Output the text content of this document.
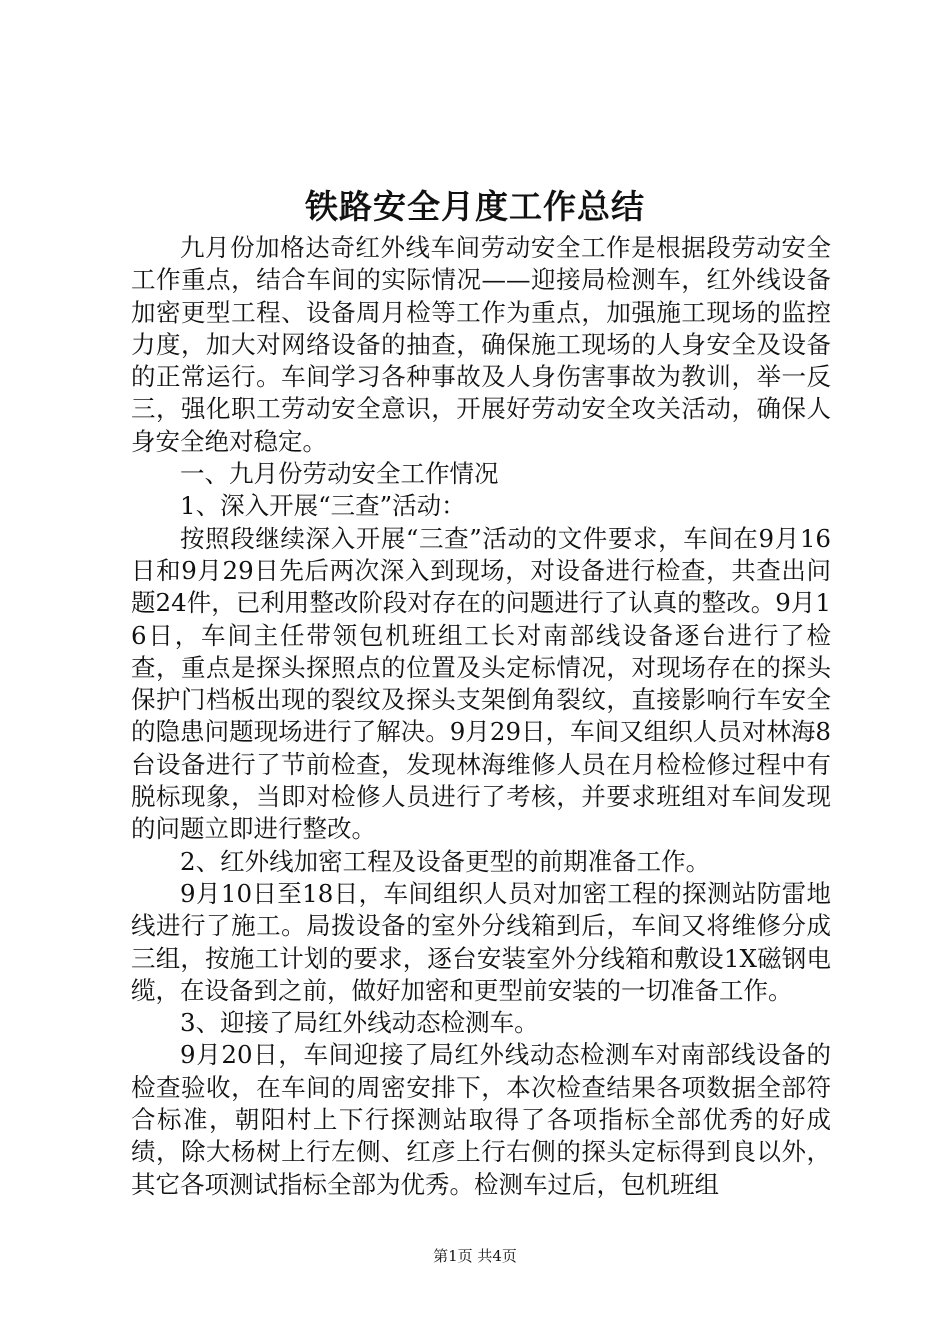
铁路安全月度工作总结

九月份加格达奇红外线车间劳动安全工作是根据段劳动安全工作重点，结合车间的实际情况——迎接局检测车，红外线设备加密更型工程、设备周月检等工作为重点，加强施工现场的监控力度，加大对网络设备的抽查，确保施工现场的人身安全及设备的正常运行。车间学习各种事故及人身伤害事故为教训，举一反三，强化职工劳动安全意识，开展好劳动安全攻关活动，确保人身安全绝对稳定。

一、九月份劳动安全工作情况

1、深入开展“三查”活动：

按照段继续深入开展“三查”活动的文件要求，车间在9月16日和9月29日先后两次深入到现场，对设备进行检查，共查出问题24件，已利用整改阶段对存在的问题进行了认真的整改。9月16日，车间主任带领包机班组工长对南部线设备逐台进行了检查，重点是探头探照点的位置及头定标情况，对现场存在的探头保护门档板出现的裂纹及探头支架倒角裂纹，直接影响行车安全的隐患问题现场进行了解决。9月29日，车间又组织人员对林海8台设备进行了节前检查，发现林海维修人员在月检检修过程中有脱标现象，当即对检修人员进行了考核，并要求班组对车间发现的问题立即进行整改。

2、红外线加密工程及设备更型的前期准备工作。

9月10日至18日，车间组织人员对加密工程的探测站防雷地线进行了施工。局拨设备的室外分线箱到后，车间又将维修分成三组，按施工计划的要求，逐台安装室外分线箱和敷设1X磁钢电缆，在设备到之前，做好加密和更型前安装的一切准备工作。

3、迎接了局红外线动态检测车。

9月20日，车间迎接了局红外线动态检测车对南部线设备的检查验收，在车间的周密安排下，本次检查结果各项数据全部符合标准，朝阳村上下行探测站取得了各项指标全部优秀的好成绩，除大杨树上行左侧、红彦上行右侧的探头定标得到良以外，其它各项测试指标全部为优秀。检测车过后，包机班组

第1页 共4页
